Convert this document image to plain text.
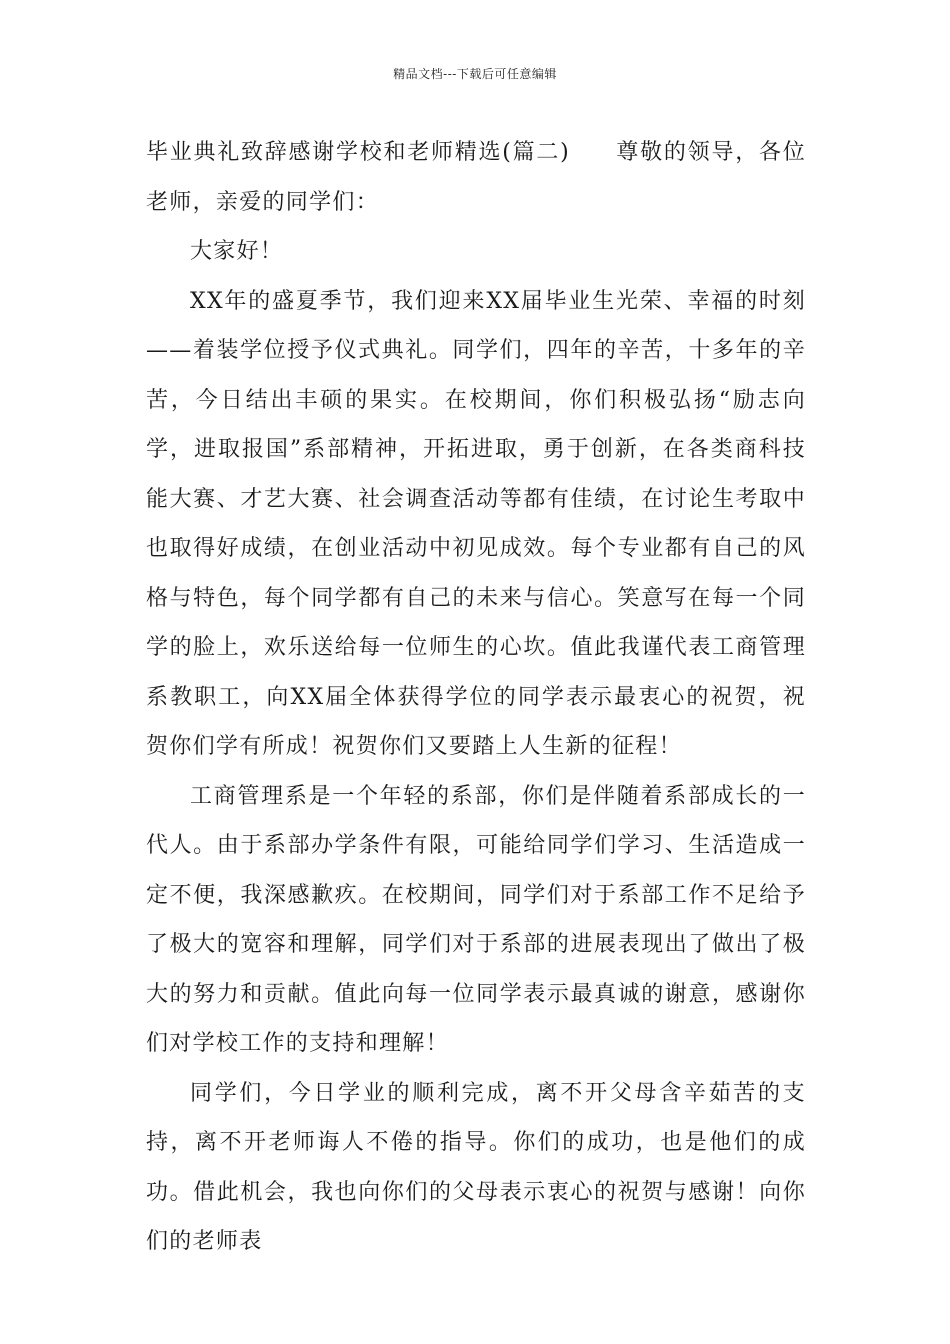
精品文档---下载后可任意编辑

毕业典礼致辞感谢学校和老师精选(篇二) 尊敬的领导，各位老师，亲爱的同学们：

大家好！

XX年的盛夏季节，我们迎来XX届毕业生光荣、幸福的时刻——着装学位授予仪式典礼。同学们，四年的辛苦，十多年的辛苦，今日结出丰硕的果实。在校期间，你们积极弘扬“励志向学，进取报国”系部精神，开拓进取，勇于创新，在各类商科技能大赛、才艺大赛、社会调查活动等都有佳绩，在讨论生考取中也取得好成绩，在创业活动中初见成效。每个专业都有自己的风格与特色，每个同学都有自己的未来与信心。笑意写在每一个同学的脸上，欢乐送给每一位师生的心坎。值此我谨代表工商管理系教职工，向XX届全体获得学位的同学表示最衷心的祝贺，祝贺你们学有所成！祝贺你们又要踏上人生新的征程！

工商管理系是一个年轻的系部，你们是伴随着系部成长的一代人。由于系部办学条件有限，可能给同学们学习、生活造成一定不便，我深感歉疚。在校期间，同学们对于系部工作不足给予了极大的宽容和理解，同学们对于系部的进展表现出了做出了极大的努力和贡献。值此向每一位同学表示最真诚的谢意，感谢你们对学校工作的支持和理解！

同学们，今日学业的顺利完成，离不开父母含辛茹苦的支持，离不开老师诲人不倦的指导。你们的成功，也是他们的成功。借此机会，我也向你们的父母表示衷心的祝贺与感谢！向你们的老师表
